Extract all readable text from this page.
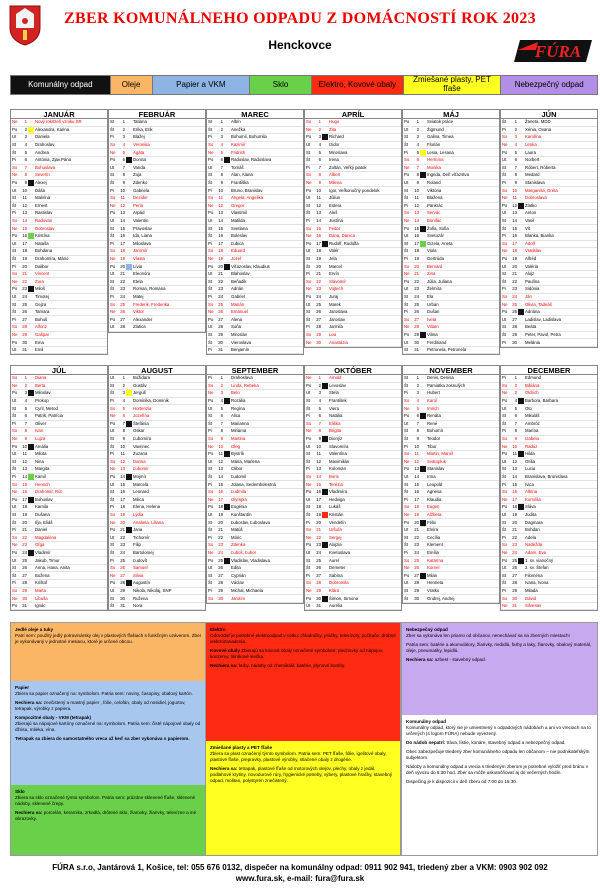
ZBER KOMUNÁLNEHO ODPADU Z DOMÁCNOSTÍ ROK 2023
Henckovce	FÚRA
Komunálny odpad	Oleje	Papier a VKM	Sklo	Elektro, Kovové obaly	Zmiešané plasty, PET fľaše	Nebezpečný odpad
JANUÁR
Ne	1 Nový rok/Deň vzniku SR
Po	2 Alexandra, Karina
Ut	3 Daniela
St	4 Drahoslav
Št	5 Andrea
Pi	6 Antónia, Zjav.Pána
So	7 Bohuslava
Ne	8 Severín
Po	9 Alexej
Ut	10 Dáša
St	11 Malvína
Št	12 Ernest
Pi	13 Rastislav
So	14 Radovan
Ne	15 Dobroslav
Po	16 Kristína
Ut	17 Nataša
St	18 Bohdana
Št	19 Drahomíra, Mário
Pi	20 Dalibor
So	21 Vincent
Ne	22 Zora
Po	23 Miloš
Ut	24 Timotej
St	25 Gejza
Št	26 Tamara
Pi	27 Bohuš
So	28 Alfonz
Ne	29 Gašpar
Po	30 Ema
Ut	31 Emil
FEBRUÁR
St	1 Tatiana
Št	2 Erika, Erik
Pi	3 Blažej
So	4 Veronika
Ne	5 Agáta
Po	6 Dorota
Ut	7 Vanda
St	8 Zoja
Št	9 Zdenko
Pi	10 Gabriela
So	11 Dezider
Ne	12 Perla
Po	13 Arpád
Ut	14 Valentín
St	15 Pravoslav
Št	16 Ida, Liana
Pi	17 Miloslava
So	18 Jaromír
Ne	19 Vlasta
Po	20 Lívia
Ut	21 Eleonóra
St	22 Etela
Št	23 Roman, Romana
Pi	24 Matej
So	25 Frederik, Frederika
Ne	26 Viktor
Po	27 Alexander
Ut	28 Zlatica
MAREC
St	1 Albín
Št	2 Anežka
Pi	3 Bohumil, Bohumila
So	4 Kazimír
Ne	5 Fridrich
Po	6 Radoslav, Radoslava
Ut	7 Tomáš
St	8 Alan, Alana
Št	9 Františka
Pi	10 Bruno, Branislav
So	11 Angela, Angelika
Ne	12 Gregor
Po	13 Vlastimil
Ut	14 Matilda
St	15 Svetlana
Št	16 Boleslav
Pi	17 Ľubica
So	18 Eduard
Ne	19 Jozef
Po	20 Víťazoslav, Klaudius
Ut	21 Blahoslav
St	22 Beňadik
Št	23 Adrián
Pi	24 Gabriel
So	25 Marián
Ne	26 Emanuel
Po	27 Alena
Ut	28 Soňa
St	29 Miroslav
Št	30 Vieroslava
Pi	31 Benjamín
APRÍL
So	1 Hugo
Ne	2 Zita
Po	3 Richard
Ut	4 Izidor
St	5 Miroslava
Št	6 Irena
Pi	7 Zoltán, Veľký piatok
So	8 Albert
Ne	9 Milena
Po	10 Igor, Veľkonočný pondelok
Ut	11 Július
St	12 Estera
Št	13 Aleš
Pi	14 Justína
So	15 Fedor
Ne	16 Dana, Danica
Po	17 Rudolf, Rudolfa
Ut	18 Valér
St	19 Jela
Št	20 Marcel
Pi	21 Ervín
So	22 Slavomír
Ne	23 Vojtech
Po	24 Juraj
Ut	25 Marek
St	26 Jaroslava
Št	27 Jaroslav
Pi	28 Jarmila
So	29 Lea
Ne	30 Anastázia
MÁJ
Po	1 Sviatok práce
Ut	2 Žigmund
St	3 Galina, Timea
Št	4 Florián
Pi	5 Lesia, Lesana
So	6 Hermína
Ne	7 Monika
Po	8 Ingrida, Deň víťazstva
Ut	9 Roland
St	10 Viktória
Št	11 Blažena
Pi	12 Pankrác
So	13 Servác
Ne	14 Bonifác
Po	15 Žofia, Sofia
Ut	16 Svetozár
St	17 Gizela, Aneta
Št	18 Viola
Pi	19 Gertrúda
So	20 Bernard
Ne	21 Zina
Po	22 Júlia, Juliana
Ut	23 Želmíra
St	24 Ela
Št	25 Urban
Pi	26 Dušan
So	27 Iveta
Ne	28 Viliam
Po	29 Vilma
Ut	30 Ferdinand
St	31 Petronela, Petronela
JÚN
Št	1 Žaneta, MDD
Pi	2 Xénia, Oxana
So	3 Karolína
Ne	4 Lenka
Po	5 Laura
Ut	6 Norbert
St	7 Róbert, Róberta
Št	8 Medard
Pi	9 Stanislava
So	10 Margaréta, Gréta
Ne	11 Dobroslava
Po	12 Zlatko
Ut	13 Anton
St	14 Vasil
Št	15 Vít
Pi	16 Blanka, Bianka
So	17 Adolf
Ne	18 Vratislav
Po	19 Alfréd
Ut	20 Valéria
St	21 Alojz
Št	22 Paulína
Pi	23 Sidónia
So	24 Ján
Ne	25 Olivia, Tadeáš
Po	26 Adriána
Ut	27 Ladislav, Ladislava
St	28 Beáta
Št	29 Peter, Pavol, Petra
Pi	30 Melánia
JÚL
So	1 Diana
Ne	2 Berta
Po	3 Miloslav
Ut	4 Prokop
St	5 Cyril, Metod
Št	6 Patrik, Patrícia
Pi	7 Oliver
So	8 Ivan
Ne	9 Lujza
Po	10 Amália
Ut	11 Milota
St	12 Nina
Št	13 Margita
Pi	14 Kamil
So	15 Henrich
Ne	16 Drahomír, Rút
Po	17 Bohuslav
Ut	18 Kamila
St	19 Dušana
Št	20 Iľja, Eliáš
Pi	21 Daniel
So	22 Magdaléna
Ne	23 Oľga
Po	24 Vladimír
Ut	25 Jakub, Timur
St	26 Anna, Hana, Anita
Št	27 Božena
Pi	28 Krištof
So	29 Marta
Ne	30 Libuša
Po	31 Ignác
AUGUST
Ut	1 Božidara
St	2 Gustáv
Št	3 Jerguš
Pi	4 Dominika, Dominik
So	5 Hortenzia
Ne	6 Jozefína
Po	7 Štefánia
Ut	8 Oskar
St	9 Ľubomíra
Št	10 Vavrinec
Pi	11 Zuzana
So	12 Darina
Ne	13 Ľubomír
Po	14 Mojmír
Ut	15 Marcela
St	16 Leonard
Št	17 Milica
Pi	18 Elena, Helena
So	19 Lýdia
Ne	20 Anabela, Liliana
Po	21 Jana
Ut	22 Tichomír
St	23 Filip
Št	24 Bartolomej
Pi	25 Ľudovít
So	26 Samuel
Ne	27 Silvia
Po	28 Augustín
Ut	29 Nikola, Nikolaj, SNP
St	30 Ružena
Št	31 Nora
SEPTEMBER
Pi	1 Drahoslava
So	2 Linda, Rebeka
Ne	3 Belo
Po	4 Rozália
Ut	5 Regína
St	6 Alica
Št	7 Marianna
Pi	8 Miriama
So	9 Martina
Ne	10 Oleg
Po	11 Bystrík
Ut	12 Mária, Marlena
St	13 Ctibor
Št	14 Ľudomil
Pi	15 Jolana, Sedembolestná
So	16 Ľudmila
Ne	17 Olympia
Po	18 Eugénia
Ut	19 Konštantín
St	20 Ľuboslav, Ľuboslava
Št	21 Matúš
Pi	22 Móric
So	23 Zdenka
Ne	24 Ľuboš, Ľubor
Po	25 Vladislav, Vladislava
Ut	26 Edita
St	27 Cyprián
Št	28 Václav
Pi	29 Michal, Michaela
So	30 Jarolím
OKTÓBER
Ne	1 Arnold
Po	2 Levoslav
Ut	3 Stela
St	4 František
Št	5 Viera
Pi	6 Natália
So	7 Eliška
Ne	8 Brigita
Po	9 Dionýz
Ut	10 Slavomíra
St	11 Valentína
Št	12 Maximilián
Pi	13 Koloman
So	14 Boris
Ne	15 Terézia
Po	16 Vladimíra
Ut	17 Hedviga
St	18 Lukáš
Št	19 Kristián
Pi	20 Vendelín
So	21 Uršuľa
Ne	22 Sergej
Po	23 Alojzia
Ut	24 Kvetoslava
St	25 Aurel
Št	26 Demeter
Pi	27 Sabína
So	28 Dobromila
Ne	29 Klára
Po	30 Šimon, Simona
Ut	31 Aurélia
NOVEMBER
St	1 Denis, Denisa
Št	2 Pamiatka zosnulých
Pi	3 Hubert
So	4 Karol
Ne	5 Imrich
Po	6 Renáta
Ut	7 René
St	8 Bohumír
Št	9 Teodor
Pi	10 Tibor
So	11 Martin, Maroš
Ne	12 Svätopluk
Po	13 Stanislav
Ut	14 Irma
St	15 Leopold
Št	16 Agnesa
Pi	17 Klaudia
So	18 Eugen
Ne	19 Alžbeta
Po	20 Félix
Ut	21 Elvíra
St	22 Cecília
Št	23 Klement
Pi	24 Emília
So	25 Katarína
Ne	26 Kornel
Po	27 Milan
Ut	28 Henrieta
St	29 Vratko
Št	30 Ondrej, Andrej
DECEMBER
Pi	1 Edmund
So	2 Bibiána
Ne	3 Oldrich
Po	4 Barbora, Barbara
Ut	5 Oto
St	6 Mikuláš
Št	7 Ambróz
Pi	8 Marína
So	9 Izabela
Ne	10 Radúz
Po	11 Hilda
Ut	12 Otília
St	13 Lucia
Št	14 Branislava, Bronislava
Pi	15 Ivica
So	16 Albína
Ne	17 Kornélia
Po	18 Sláva
Ut	19 Judita
St	20 Dagmara
Št	21 Bohdan
Pi	22 Adela
So	23 Nadežda
Ne	24 Adam, Eva
Po	25 1. sv. vianočný
Ut	26 2. sv. Štefan
St	27 Filoména
Št	28 Ivana, Ivona
Pi	29 Milada
So	30 Dávid
Ne	31 Silvester

Jedlé oleje a tuky
Patrí sem: použitý jedlý potravinársky olej v plastových fľašiach s funkčným uzáverom. Zber je vykonávaný v jednotné mesiacu, ktoré je určené obcou.

Papier
Zbiera sa papier označený na: symbolom. Patria sem: noviny, časopisy, obalový kartón.

Nechiera sa: znečistený a mastný papier , fólie, celofán, obaly od nosidiel, jogurtov, tetrapak, výrobky z papiera.

Kompozitné obaly - VKM (tetrapak)
Zbierajú sa nápojové kartóny označené na: symbolom. Patria sem: čisté nápojové obaly od džúsu, mlieka, vína.

Tetrapak sa zbiera do samostatného vreca až keď sa zber vykonáva s papierom.

Sklo
Zbiera sa sklo označené týmto symbolom. Patria sem: prázdne sklenené fľaše, sklenené nádoby, sklenené črepy.

Nechiera sa: porcelán, keramika, zrkadlá, drôtené sklo, žiarovky, žiarivky, televízne a iné obrazovky.

Elektro
Odovzdať je potrebné elektroodpad v celku: chladničky, práčky, televízory, počítače, drobné elektrozariadenia.

Kovové obaly Zbierajú sa kovové obaly označené symbolom: plechovky od nápojov, konzervy, hliníkové viečka.

Nechiera sa: farby, nádoby od chemikálií, batérie, plynové bomby.

Zmiešané plasty a PET fľaše
Zbiera sa plast označený týmto symbolom. Patria sem: PET fľaše, fólie, igelitové obaly, plastové fľaše, prepravky, plastové výrobky, stlačené obaly z drogérie.

Nechiera sa: tetrapak, plastové fľaše od motorových olejov, plechy, obaly z jedál, podlahové krytiny, novodurové rúry, hygienické potreby, výbery, plastové hračky, stavebný odpad, molitan, polystyrén znečistený.

Nebezpečný odpad
Zber sa vykonáva len priamo od občanov, nenechávať sa na zberných miestach!

Patria sem: batérie a akumulátory, žiarivky, riedidlá, farby a laky, žiarovky, obalový materiál, oleje, pneumatiky, lepidlá.

Nechiera sa: azbest - stavebný odpad.

Komunálny odpad
Komunálny odpad, ktorý nie je umiestnený v odpadových nádobách a ani vo vreciach na to určených (s logom FÚRA) nebude vyvezený.

Do nádob nepatrí: tráva, lístie, konáre, stavebný odpad a nebezpečný odpad.

Obec zabezpečuje triedený zber komunálneho odpadu len občanom – nie podnikateľským subjektom.

Nádoby a komunálny odpad a vrecia s triedeným zberom je potrebné vyložiť pred bránu v deň vývozu do 6:30 hod. Zber sa môže uskutočňovať aj do večerných hodín.

Dispečing je k dispozícii v deň zberu od 7:00 do 15:30.

FÚRA s.r.o, Jantárová 1, Košice, tel: 055 676 0132, dispečer na komunálny odpad: 0911 902 941, triedený zber a VKM: 0903 902 092
www.fura.sk, e-mail: fura@fura.sk
